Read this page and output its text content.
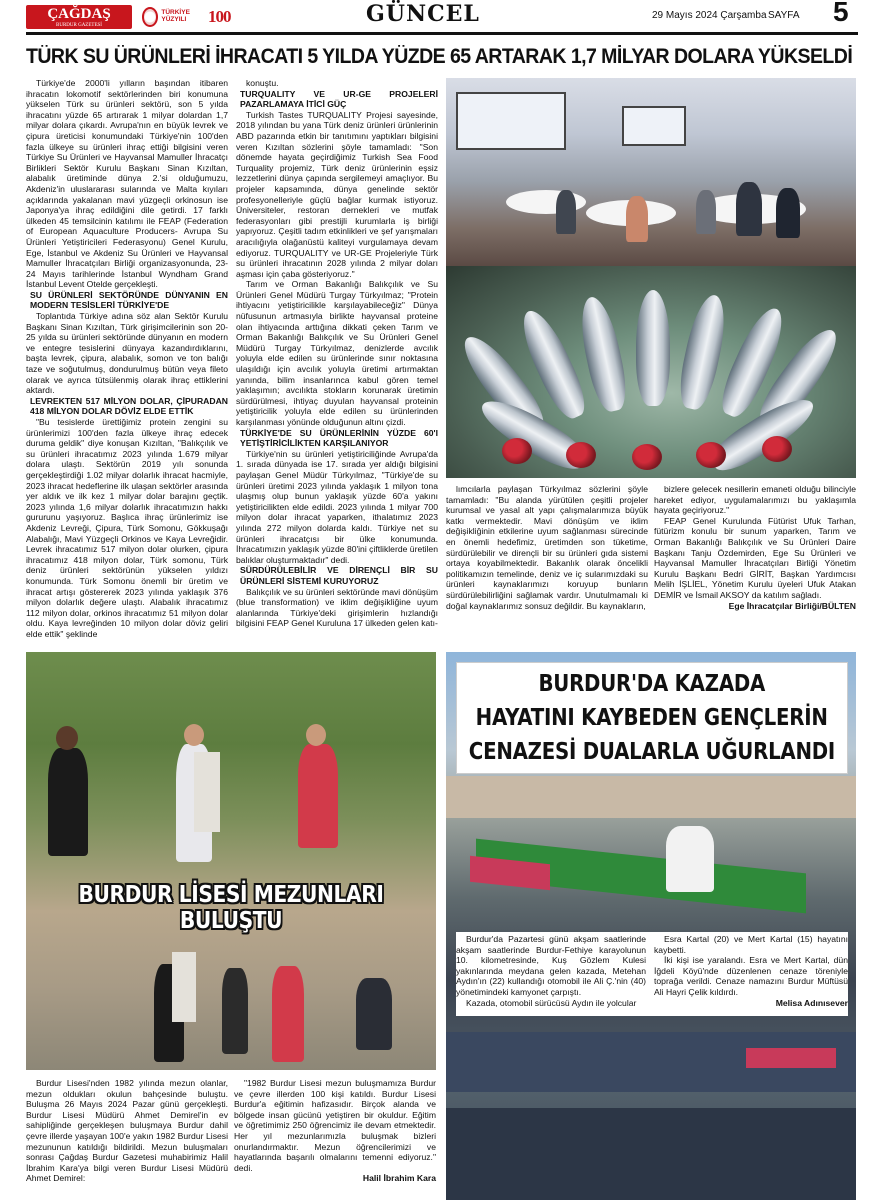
ÇAĞDAŞ
BURDUR GAZETESİ
TÜRKİYE YÜZYILI	100	GÜNCEL	29 Mayıs 2024 Çarşamba SAYFA 5
TÜRK SU ÜRÜNLERİ İHRACATI 5 YILDA YÜZDE 65 ARTARAK 1,7 MİLYAR DOLARA YÜKSELDİ

Türkiye'de 2000'li yılların başından itibaren ihracatın lokomotif sektörlerinden biri konumuna yükselen Türk su ürünleri sektörü, son 5 yılda ihracatını yüzde 65 artırarak 1 milyar dolardan 1,7 milyar dolara çıkardı. Avrupa'nın en büyük levrek ve çipura üreticisi konumundaki Türkiye'nin 100'den fazla ülkeye su ürünleri ihraç ettiği bilgisini veren Türkiye Su Ürünleri ve Hayvansal Mamuller İhracatçı Birlikleri Sektör Kurulu Başkanı Sinan Kızıltan, alabalık üretiminde dünya 2.'si olduğumuzu, Akdeniz'in uluslararası sularında ve Malta kıyıları açıklarında yakalanan mavi yüzgeçli orkinosun ise Japonya'ya ihraç edildiğini dile getirdi. 17 farklı ülkeden 45 temsilcinin katılımı ile FEAP (Federation of European Aquaculture Producers- Avrupa Su Ürünleri Yetiştiricileri Federasyonu) Genel Kurulu, Ege, İstanbul ve Akdeniz Su Ürünleri ve Hayvansal Mamuller İhracatçıları Birliği organizasyonunda, 23-24 Mayıs tarihlerinde İstanbul Wyndham Grand İstanbul Levent Otelde gerçekleşti.

SU ÜRÜNLERİ SEKTÖRÜNDE DÜNYANIN EN MODERN TESİSLERİ TÜRKİYE'DE

Toplantıda Türkiye adına söz alan Sektör Kurulu Başkanı Sinan Kızıltan, Türk girişimcilerinin son 20-25 yılda su ürünleri sektöründe dünyanın en modern ve entegre tesislerini dünyaya kazandırdıklarını, başta levrek, çipura, alabalık, somon ve ton balığı taze ve soğutulmuş, dondurulmuş bütün veya fileto olarak ve ayrıca tütsülenmiş olarak ihraç ettiklerini aktardı.

LEVREKTEN 517 MİLYON DOLAR, ÇİPURADAN 418 MİLYON DOLAR DÖVİZ ELDE ETTİK

"Bu tesislerde ürettiğimiz protein zengini su ürünlerimizi 100'den fazla ülkeye ihraç edecek duruma geldik" diye konuşan Kızıltan, "Balıkçılık ve su ürünleri ihracatımız 2023 yılında 1.679 milyar dolara ulaştı. Sektörün 2019 yılı sonunda gerçekleştirdiği 1.02 milyar dolarlık ihracat hacmiyle, 2023 ihracat hedeflerine ilk ulaşan sektörler arasında yer aldık ve ilk kez 1 milyar dolar barajını geçtik. 2023 yılında 1,6 milyar dolarlık ihracatımızın hakkı gururunu yaşıyoruz. Başlıca ihraç ürünlerimiz ise Akdeniz Levreği, Çipura, Türk Somonu, Gökkuşağı Alabalığı, Mavi Yüzgeçli Orkinos ve Kaya Levreğidir. Levrek ihracatımız 517 milyon dolar olurken, çipura ihracatımız 418 milyon dolar, Türk somonu, Türk deniz ürünleri sektörünün yükselen yıldızı konumunda. Türk Somonu önemli bir üretim ve ihracat artışı göstererek 2023 yılında yaklaşık 376 milyon dolarlık değere ulaştı. Alabalık ihracatımız 112 milyon dolar, orkinos ihracatımız 51 milyon dolar oldu. Kaya levreğinden 10 milyon dolar döviz geliri elde ettik" şeklinde

konuştu.

TURQUALITY VE UR-GE PROJELERİ PAZARLAMAYA İTİCİ GÜÇ

Turkish Tastes TURQUALITY Projesi sayesinde, 2018 yılından bu yana Türk deniz ürünleri ürünlerinin ABD pazarında etkin bir tanıtımını yaptıkları bilgisini veren Kızıltan sözlerini şöyle tamamladı: "Son dönemde hayata geçirdiğimiz Turkish Sea Food Turquality projemiz, Türk deniz ürünlerinin eşsiz lezzetlerini dünya çapında sergilemeyi amaçlıyor. Bu projeler kapsamında, dünya genelinde sektör profesyonelleriyle güçlü bağlar kurmak istiyoruz. Üniversiteler, restoran dernekleri ve mutfak federasyonları gibi prestijli kurumlarla iş birliği yapıyoruz. Çeşitli tadım etkinlikleri ve şef yarışmaları aracılığıyla olağanüstü kaliteyi vurgulamaya devam ediyoruz. TURQUALITY ve UR-GE Projeleriyle Türk su ürünleri ihracatının 2028 yılında 2 milyar doları aşması için çaba gösteriyoruz."

Tarım ve Orman Bakanlığı Balıkçılık ve Su Ürünleri Genel Müdürü Turgay Türkyılmaz; "Protein ihtiyacını yetiştiricilikle karşılayabileceğiz" Dünya nüfusunun artmasıyla birlikte hayvansal proteine olan ihtiyacında arttığına dikkati çeken Tarım ve Orman Bakanlığı Balıkçılık ve Su Ürünleri Genel Müdürü Turgay Türkyılmaz, denizlerde avcılık yoluyla elde edilen su ürünlerinde sınır noktasına ulaşıldığı için avcılık yoluyla üretimi artırmaktan yanında, bilim insanlarınca kabul gören temel yaklaşımın; avcılıkta stokların korunarak üretimin sürdürülmesi, ihtiyaç duyulan hayvansal proteinin yetiştiricilik yoluyla elde edilen su ürünlerinden karşılanması yönünde olduğunun altını çizdi.

TÜRKİYE'DE SU ÜRÜNLERİNİN YÜZDE 60'I YETİŞTİRİCİLİKTEN KARŞILANIYOR

Türkiye'nin su ürünleri yetiştiriciliğinde Avrupa'da 1. sırada dünyada ise 17. sırada yer aldığı bilgisini paylaşan Genel Müdür Türkyılmaz, "Türkiye'de su ürünleri üretimi 2023 yılında yaklaşık 1 milyon tona ulaşmış olup bunun yaklaşık yüzde 60'a yakını yetiştiricilikten elde edildi. 2023 yılında 1 milyar 700 milyon dolar ihracat yaparken, ithalatımız 2023 yılında 272 milyon dolarda kaldı. Türkiye net su ürünleri ihracatçısı bir ülke konumunda. İhracatımızın yaklaşık yüzde 80'ini çiftliklerde üretilen balıklar oluşturmaktadır" dedi.

SÜRDÜRÜLEBİLİR VE DİRENÇLİ BİR SU ÜRÜNLERİ SİSTEMİ KURUYORUZ

Balıkçılık ve su ürünleri sektöründe mavi dönüşüm (blue transformation) ve iklim değişikliğine uyum alanlarında Türkiye'deki girişimlerin hızlandığı bilgisini FEAP Genel Kuruluna 17 ülkeden gelen katı-

lımcılarla paylaşan Türkyılmaz sözlerini şöyle tamamladı: "Bu alanda yürütülen çeşitli projeler kurumsal ve yasal alt yapı çalışmalarımıza büyük katkı vermektedir. Mavi dönüşüm ve iklim değişikliğinin etkilerine uyum sağlanması sürecinde en önemli hedefimiz, üretimden son tüketime, sürdürülebilir ve dirençli bir su ürünleri gıda sistemi ortaya koyabilmektedir. Bakanlık olarak öncelikli politikamızın temelinde, deniz ve iç sularımızdaki su ürünleri kaynaklarımızı koruyup bunların sürdürülebilirliğini sağlamak vardır. Unutulmamalı ki doğal kaynaklarımız sonsuz değildir. Bu kaynakların,

bizlere gelecek nesillerin emaneti olduğu bilinciyle hareket ediyor, uygulamalarımızı bu yaklaşımla hayata geçiriyoruz."

FEAP Genel Kurulunda Fütürist Ufuk Tarhan, fütürizm konulu bir sunum yaparken, Tarım ve Orman Bakanlığı Balıkçılık ve Su Ürünleri Daire Başkanı Tanju Özdemirden, Ege Su Ürünleri ve Hayvansal Mamuller İhracatçıları Birliği Yönetim Kurulu Başkanı Bedri GİRİT, Başkan Yardımcısı Melih İŞLİEL, Yönetim Kurulu üyeleri Ufuk Atakan DEMİR ve İsmail AKSOY da katılım sağladı.

Ege İhracatçılar Birliği/BÜLTEN

BURDUR LİSESİ MEZUNLARI BULUŞTU

Burdur Lisesi'nden 1982 yılında mezun olanlar, mezun oldukları okulun bahçesinde buluştu. Buluşma 26 Mayıs 2024 Pazar günü gerçekleşti. Burdur Lisesi Müdürü Ahmet Demirel'in ev sahipliğinde gerçekleşen buluşmaya Burdur dahil çevre illerde yaşayan 100'e yakın 1982 Burdur Lisesi mezununun katıldığı bildirildi. Mezun buluşmaları sonrası Çağdaş Burdur Gazetesi muhabirimiz Halil İbrahim Kara'ya bilgi veren Burdur Lisesi Müdürü Ahmet Demirel:

"1982 Burdur Lisesi mezun buluşmamıza Burdur ve çevre illerden 100 kişi katıldı. Burdur Lisesi Burdur'a eğitimin hafizasıdır. Birçok alanda ve bölgede insan gücünü yetiştiren bir okuldur. Eğitim ve öğretimimiz 250 öğrencimiz ile devam etmektedir. Her yıl mezunlarımızla buluşmak bizleri onurlandırmaktır. Mezun öğrencilerimizi ve hayatlarında başarılı olmalarını temenni ediyoruz." dedi.

Halil İbrahim Kara

BURDUR'DA KAZADA
HAYATINI KAYBEDEN GENÇLERİN
CENAZESİ DUALARLA UĞURLANDI

Burdur'da Pazartesi günü akşam saatlerinde akşam saatlerinde Burdur-Fethiye karayolunun 10. kilometresinde, Kuş Gözlem Kulesi yakınlarında meydana gelen kazada, Metehan Aydın'ın (22) kullandığı otomobil ile Ali Ç.'nin (40) yönetimindeki kamyonet çarpıştı.

Kazada, otomobil sürücüsü Aydın ile yolcular

Esra Kartal (20) ve Mert Kartal (15) hayatını kaybetti.

İki kişi ise yaralandı. Esra ve Mert Kartal, dün İğdeli Köyü'nde düzenlenen cenaze töreniyle toprağa verildi. Cenaze namazını Burdur Müftüsü Ali Hayri Çelik kıldırdı.

Melisa Adınısever
